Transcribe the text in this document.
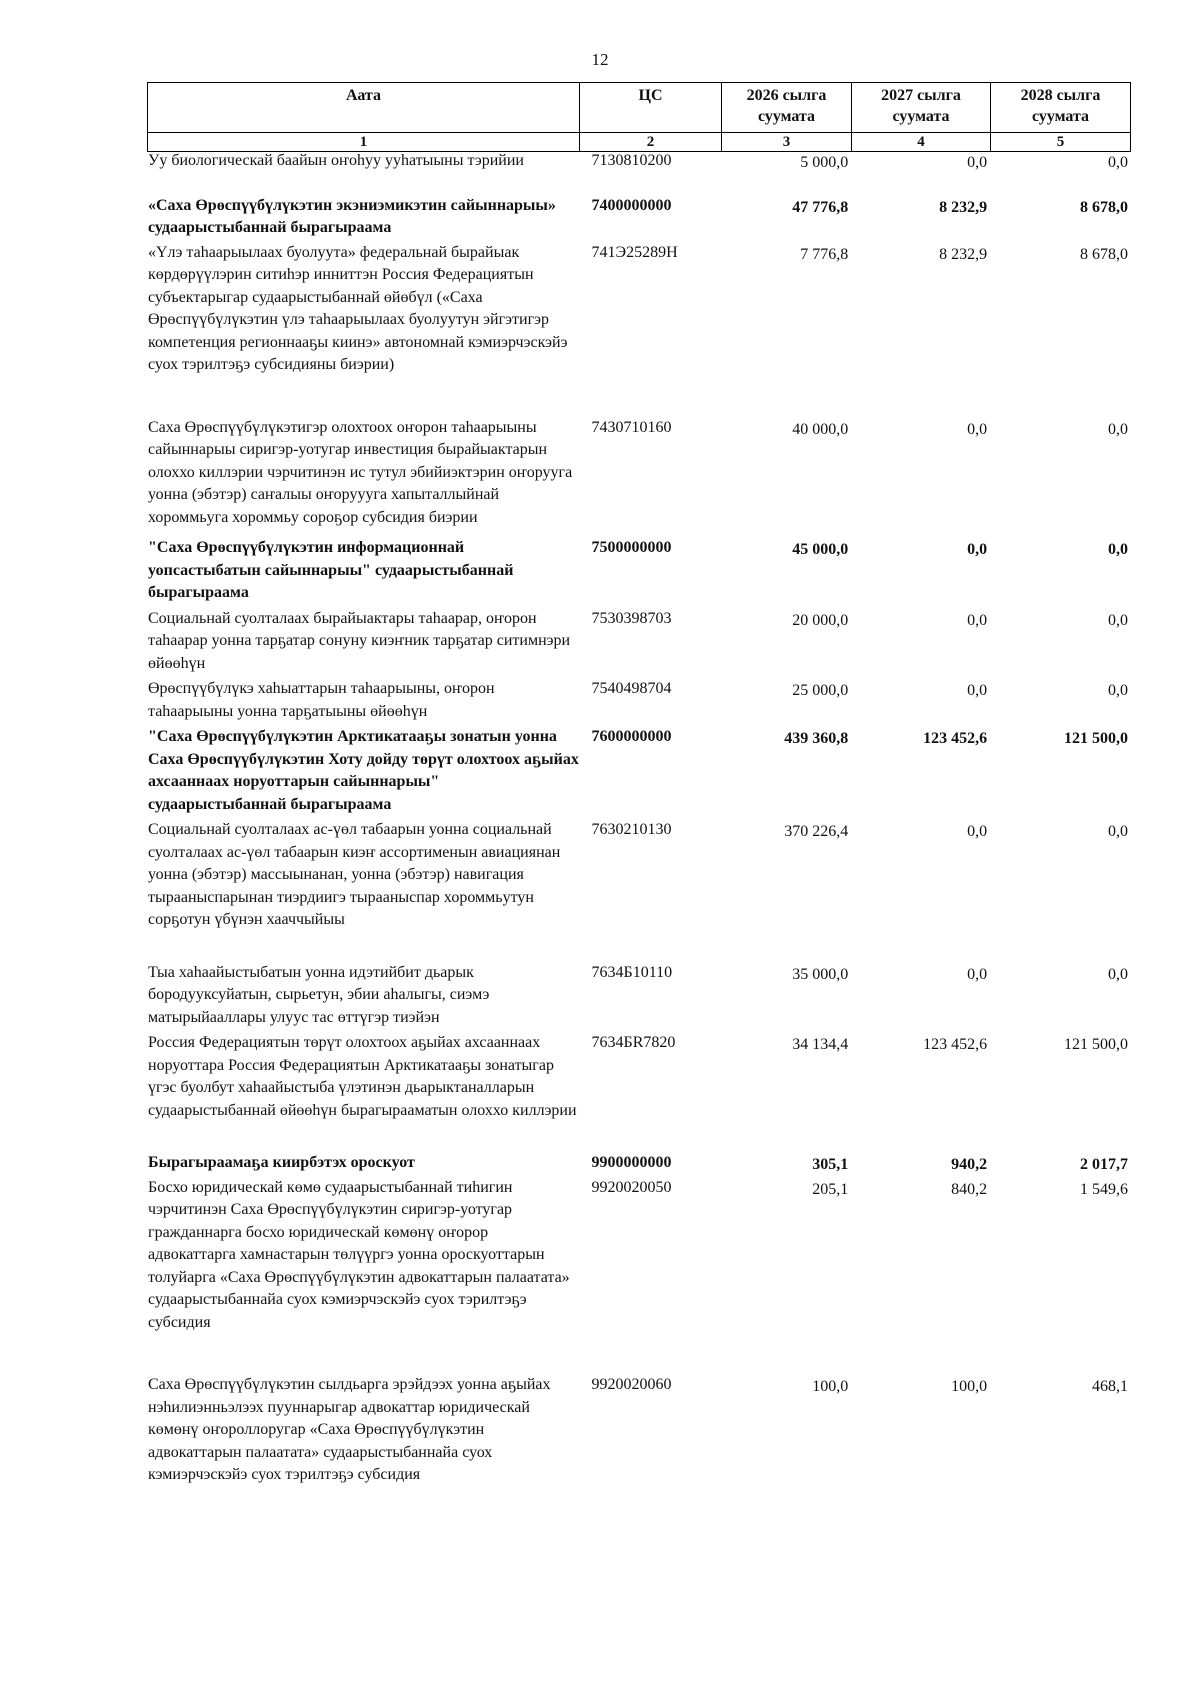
12
Аата	ЦС	2026 сылга суумата	2027 сылга суумата	2028 сылга суумата
1	2	3	4	5
Уу биологическай баайын оҥоһуу ууһатыыны тэрийии	7130810200	5 000,0	0,0	0,0
«Саха Өрөспүүбүлүкэтин экэниэмикэтин сайыннарыы» судаарыстыбаннай бырагыраама
7400000000	47 776,8	8 232,9	8 678,0
«Үлэ таһаарыылаах буолуута» федеральнай бырайыак көрдөрүүлэрин ситиһэр инниттэн Россия Федерациятын субъектарыгар судаарыстыбаннай өйөбүл («Саха Өрөспүүбүлүкэтин үлэ таһаарыылаах буолуутун эйгэтигэр компетенция регионнааҕы киинэ» автономнай кэмиэрчэскэйэ суох тэрилтэҕэ субсидияны биэрии)
741Э25289Н	7 776,8	8 232,9	8 678,0
Саха Өрөспүүбүлүкэтигэр олохтоох оҥорон таһаарыыны сайыннарыы сиригэр-уотугар инвестиция бырайыактарын олоххо киллэрии чэрчитинэн ис тутул эбийиэктэрин оҥорууга уонна (эбэтэр) саҥалыы оҥоруууга хапыталлыйнай хороммьуга хороммьу сороҕор субсидия биэрии
7430710160	40 000,0	0,0	0,0
"Саха Өрөспүүбүлүкэтин информационнай уопсастыбатын сайыннарыы" судаарыстыбаннай бырагыраама
7500000000	45 000,0	0,0	0,0
Социальнай суолталаах бырайыактары таһаарар, оҥорон таһаарар уонна тарҕатар сонуну киэҥник тарҕатар ситимнэри өйөөһүн
7530398703	20 000,0	0,0	0,0
Өрөспүүбүлүкэ хаһыаттарын таһаарыыны, оҥорон таһаарыыны уонна тарҕатыыны өйөөһүн
7540498704	25 000,0	0,0	0,0
"Саха Өрөспүүбүлүкэтин Арктикатааҕы зонатын уонна Саха Өрөспүүбүлүкэтин Хоту дойду төрүт олохтоох аҕыйах ахсааннаах норуоттарын сайыннарыы" судаарыстыбаннай бырагыраама
7600000000	439 360,8	123 452,6	121 500,0
Социальнай суолталаах ас-үөл табаарын уонна социальнай суолталаах ас-үөл табаарын киэҥ ассортименын авиациянан уонна (эбэтэр) массыынанан, уонна (эбэтэр) навигация тырааныспарынан тиэрдиигэ тырааныспар хороммьутун сорҕотун үбүнэн хааччыйыы
7630210130	370 226,4	0,0	0,0
Тыа хаһаайыстыбатын уонна идэтийбит дьарык бородууксуйатын, сырьетун, эбии аһалыгы, сиэмэ матырыйааллары улуус тас өттүгэр тиэйэн
7634Б10110	35 000,0	0,0	0,0
Россия Федерациятын төрүт олохтоох аҕыйах ахсааннаах норуоттара Россия Федерациятын Арктикатааҕы зонатыгар үгэс буолбут хаһаайыстыба үлэтинэн дьарыктаналларын судаарыстыбаннай өйөөһүн бырагырааматын олоххо киллэрии
7634БR7820	34 134,4	123 452,6	121 500,0
Бырагыраамаҕа киирбэтэх ороскуот	9900000000	305,1	940,2	2 017,7
Босхо юридическай көмө судаарыстыбаннай тиһигин чэрчитинэн Саха Өрөспүүбүлүкэтин сиригэр-уотугар гражданнарга босхо юридическай көмөнү оҥорор адвокаттарга хамнастарын төлүүргэ уонна ороскуоттарын толуйарга «Саха Өрөспүүбүлүкэтин адвокаттарын палаатата» судаарыстыбаннайа суох кэмиэрчэскэйэ суох тэрилтэҕэ субсидия
9920020050	205,1	840,2	1 549,6
Саха Өрөспүүбүлүкэтин сылдьарга эрэйдээх уонна аҕыйах нэһилиэнньэлээх пууннарыгар адвокаттар юридическай көмөнү оҥороллоругар «Саха Өрөспүүбүлүкэтин адвокаттарын палаатата» судаарыстыбаннайа суох кэмиэрчэскэйэ суох тэрилтэҕэ субсидия
9920020060	100,0	100,0	468,1
